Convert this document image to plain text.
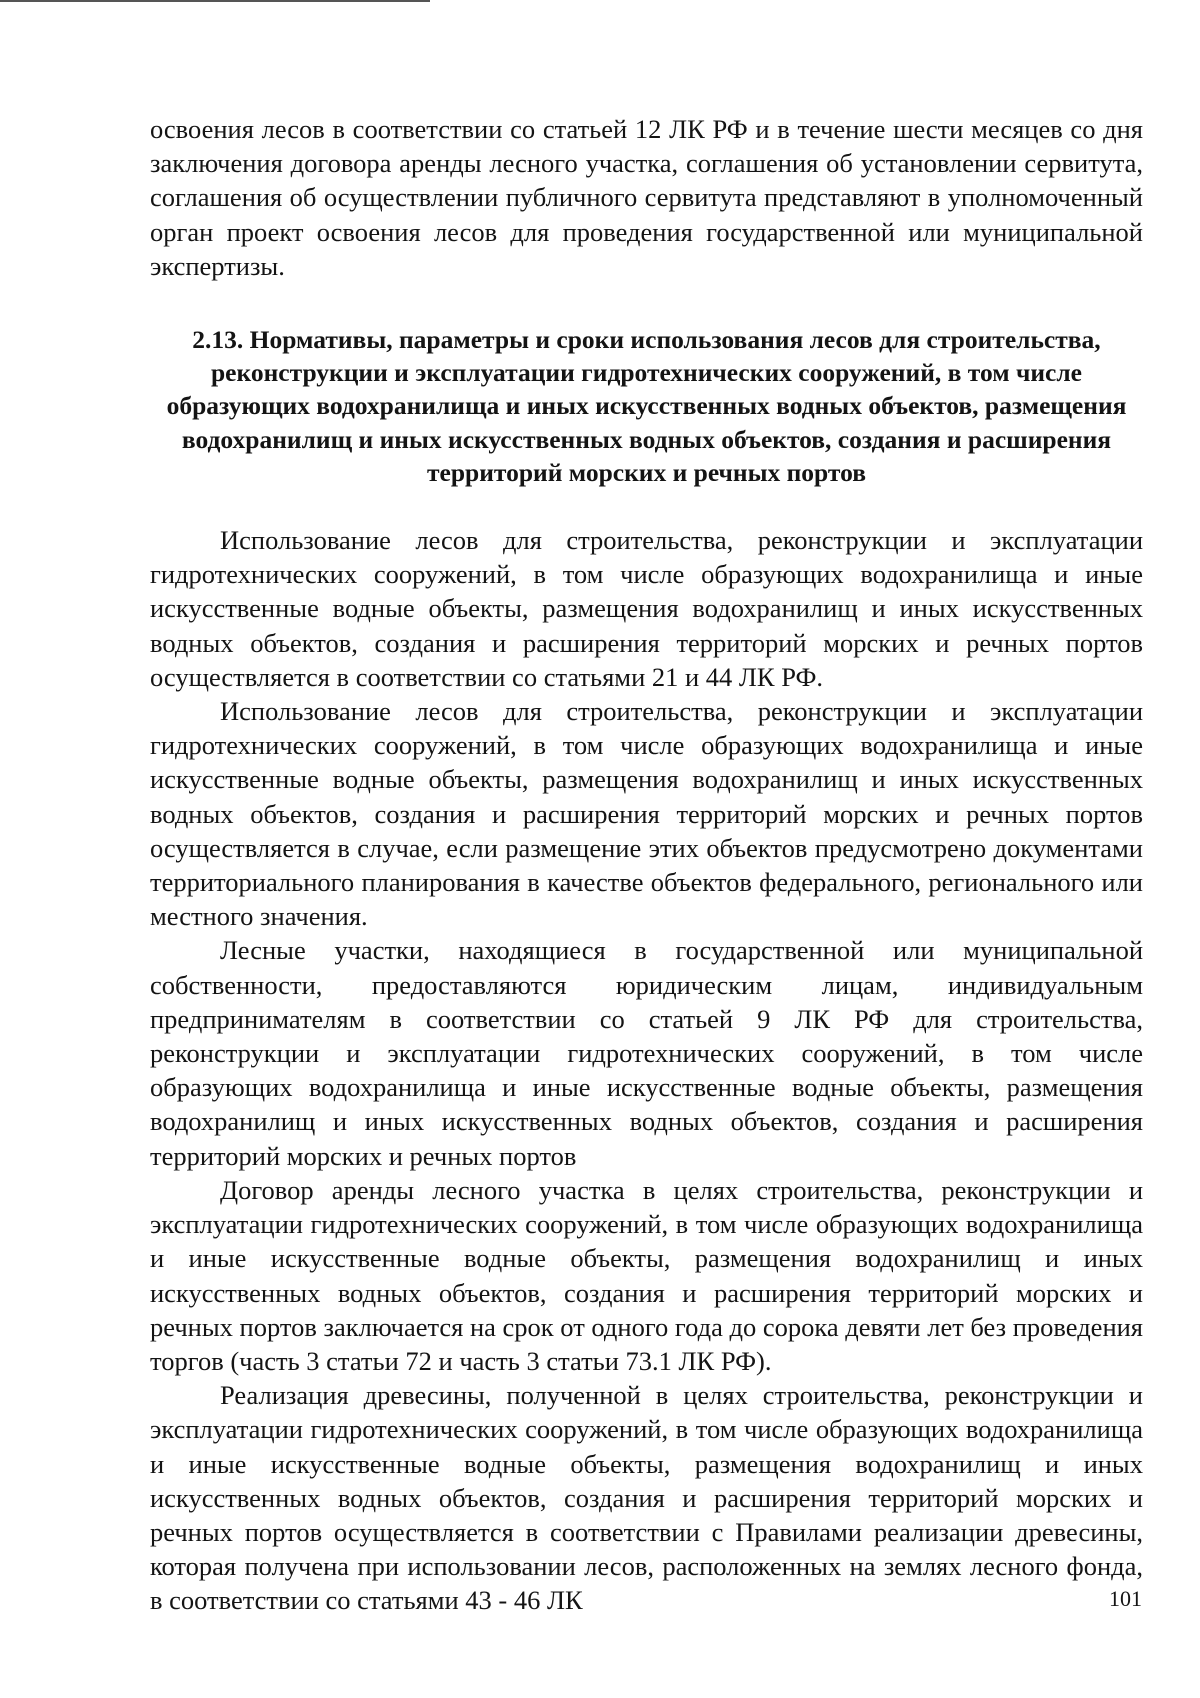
освоения лесов в соответствии со статьей 12 ЛК РФ и в течение шести месяцев со дня заключения договора аренды лесного участка, соглашения об установлении сервитута, соглашения об осуществлении публичного сервитута представляют в уполномоченный орган проект освоения лесов для проведения государственной или муниципальной экспертизы.

2.13. Нормативы, параметры и сроки использования лесов для строительства, реконструкции и эксплуатации гидротехнических сооружений, в том числе образующих водохранилища и иных искусственных водных объектов, размещения водохранилищ и иных искусственных водных объектов, создания и расширения территорий морских и речных портов

Использование лесов для строительства, реконструкции и эксплуатации гидротехнических сооружений, в том числе образующих водохранилища и иные искусственные водные объекты, размещения водохранилищ и иных искусственных водных объектов, создания и расширения территорий морских и речных портов осуществляется в соответствии со статьями 21 и 44 ЛК РФ.

Использование лесов для строительства, реконструкции и эксплуатации гидротехнических сооружений, в том числе образующих водохранилища и иные искусственные водные объекты, размещения водохранилищ и иных искусственных водных объектов, создания и расширения территорий морских и речных портов осуществляется в случае, если размещение этих объектов предусмотрено документами территориального планирования в качестве объектов федерального, регионального или местного значения.

Лесные участки, находящиеся в государственной или муниципальной собственности, предоставляются юридическим лицам, индивидуальным предпринимателям в соответствии со статьей 9 ЛК РФ для строительства, реконструкции и эксплуатации гидротехнических сооружений, в том числе образующих водохранилища и иные искусственные водные объекты, размещения водохранилищ и иных искусственных водных объектов, создания и расширения территорий морских и речных портов

Договор аренды лесного участка в целях строительства, реконструкции и эксплуатации гидротехнических сооружений, в том числе образующих водохранилища и иные искусственные водные объекты, размещения водохранилищ и иных искусственных водных объектов, создания и расширения территорий морских и речных портов заключается на срок от одного года до сорока девяти лет без проведения торгов (часть 3 статьи 72 и часть 3 статьи 73.1 ЛК РФ).

Реализация древесины, полученной в целях строительства, реконструкции и эксплуатации гидротехнических сооружений, в том числе образующих водохранилища и иные искусственные водные объекты, размещения водохранилищ и иных искусственных водных объектов, создания и расширения территорий морских и речных портов осуществляется в соответствии с Правилами реализации древесины, которая получена при использовании лесов, расположенных на землях лесного фонда, в соответствии со статьями 43 - 46 ЛК	101
